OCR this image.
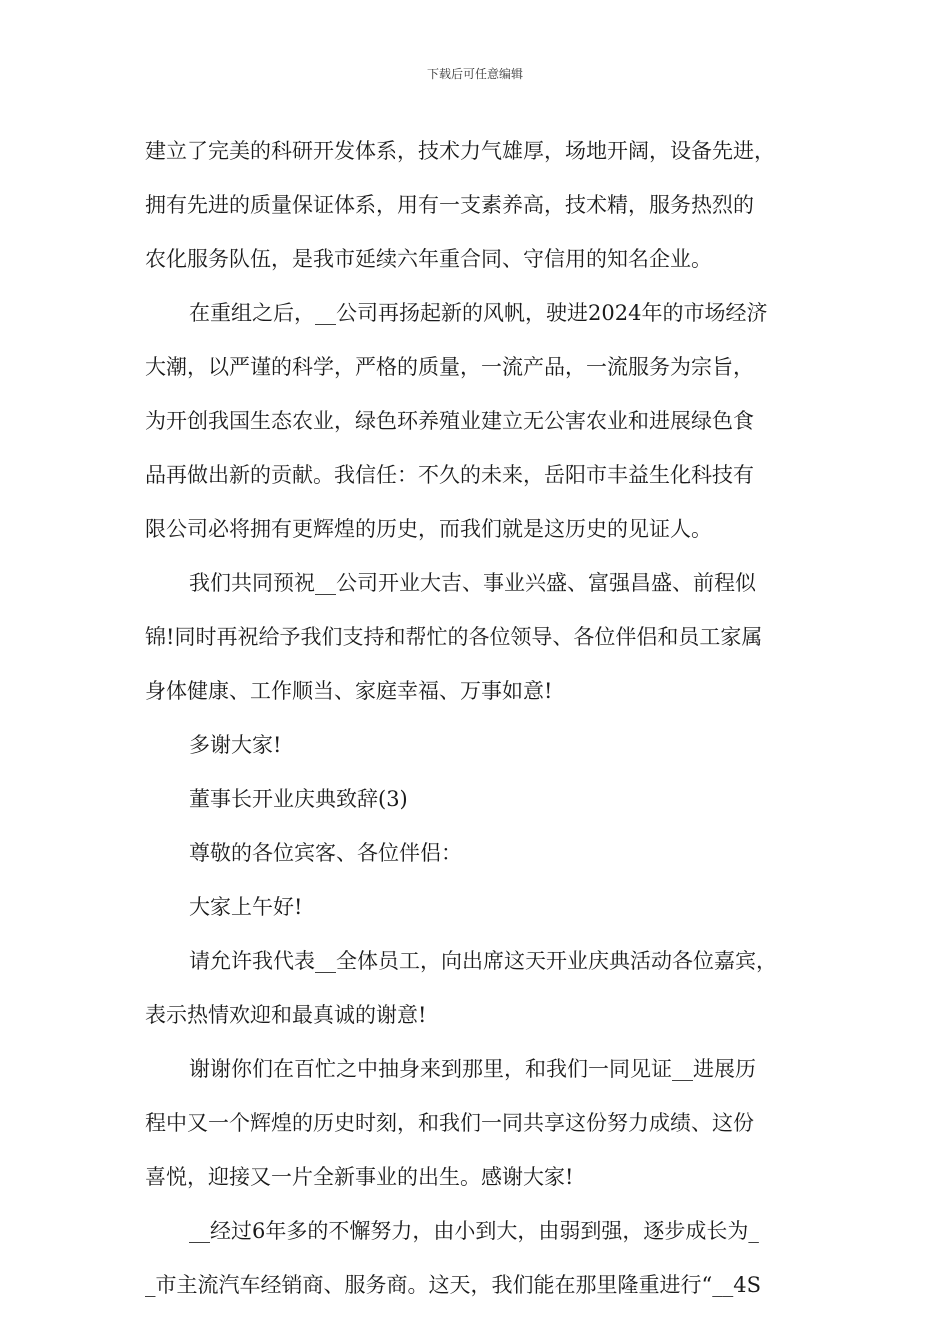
下载后可任意编辑
建立了完美的科研开发体系，技术力气雄厚，场地开阔，设备先进，
拥有先进的质量保证体系，用有一支素养高，技术精，服务热烈的
农化服务队伍，是我市延续六年重合同、守信用的知名企业。
在重组之后，__公司再扬起新的风帆，驶进2024年的市场经济
大潮，以严谨的科学，严格的质量，一流产品，一流服务为宗旨，
为开创我国生态农业，绿色环养殖业建立无公害农业和进展绿色食
品再做出新的贡献。我信任：不久的未来，岳阳市丰益生化科技有
限公司必将拥有更辉煌的历史，而我们就是这历史的见证人。
我们共同预祝__公司开业大吉、事业兴盛、富强昌盛、前程似
锦!同时再祝给予我们支持和帮忙的各位领导、各位伴侣和员工家属
身体健康、工作顺当、家庭幸福、万事如意!
多谢大家!
董事长开业庆典致辞(3)
尊敬的各位宾客、各位伴侣：
大家上午好!
请允许我代表__全体员工，向出席这天开业庆典活动各位嘉宾，
表示热情欢迎和最真诚的谢意!
谢谢你们在百忙之中抽身来到那里，和我们一同见证__进展历
程中又一个辉煌的历史时刻，和我们一同共享这份努力成绩、这份
喜悦，迎接又一片全新事业的出生。感谢大家!
__经过6年多的不懈努力，由小到大，由弱到强，逐步成长为_
_市主流汽车经销商、服务商。这天，我们能在那里隆重进行“__4S
